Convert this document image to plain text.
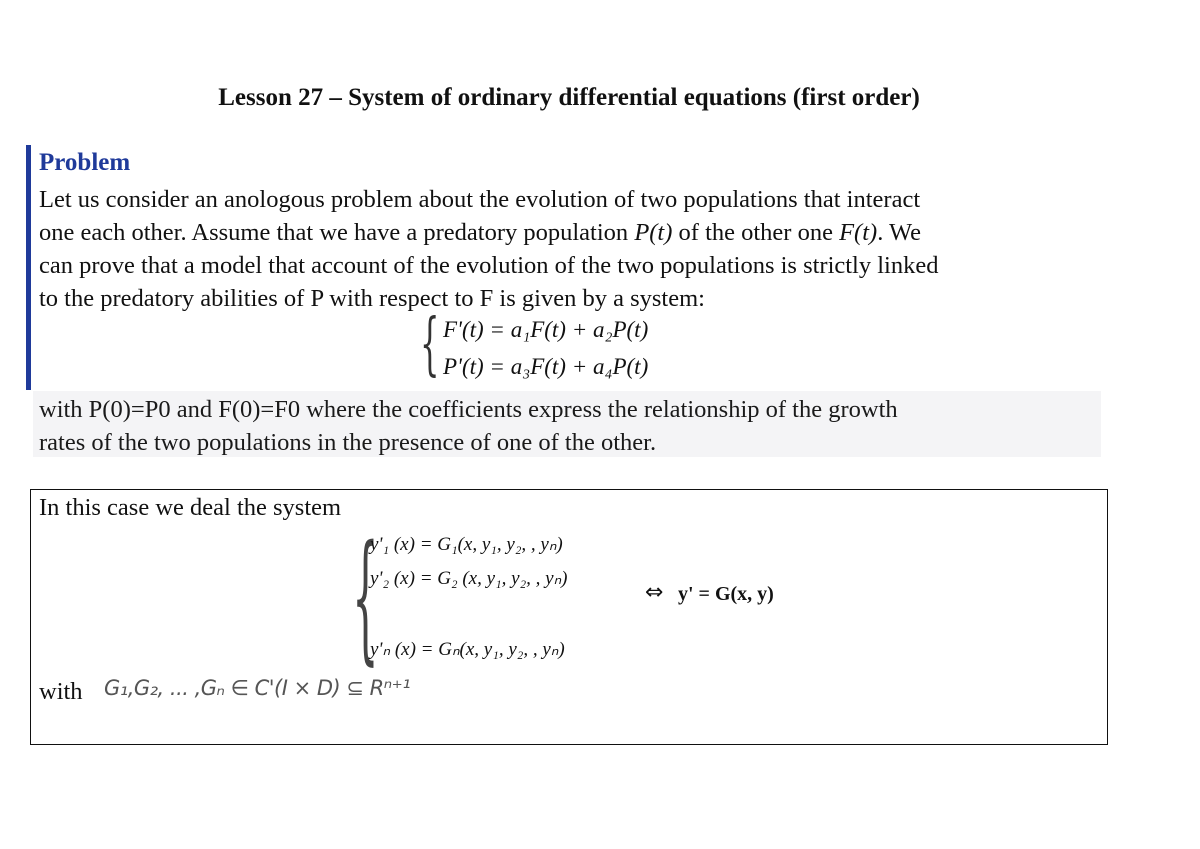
Lesson 27 – System of ordinary differential equations (first order)
Problem
Let us consider an anologous problem about the evolution of two populations that interact
one each other. Assume that we have a predatory population P(t) of the other one F(t). We
can prove that a model that account of the evolution of the two populations is strictly linked
to the predatory abilities of P with respect to F is given by a system:
{ F'(t) = a₁F(t) + a₂P(t)
P'(t) = a₃F(t) + a₄P(t)
with P(0)=P0 and F(0)=F0 where the coefficients express the relationship of the growth
rates of the two populations in the presence of one of the other.
In this case we deal the system
{
y'₁ (x) = G₁(x, y₁, y₂, , yₙ)
y'₂ (x) = G₂ (x, y₁, y₂, , yₙ)
y'ₙ (x) = Gₙ(x, y₁, y₂, , yₙ)
⇔ y' = G(x, y)
with G₁,G₂, ... ,Gₙ ∈ C'(I × D) ⊆ Rⁿ⁺¹
